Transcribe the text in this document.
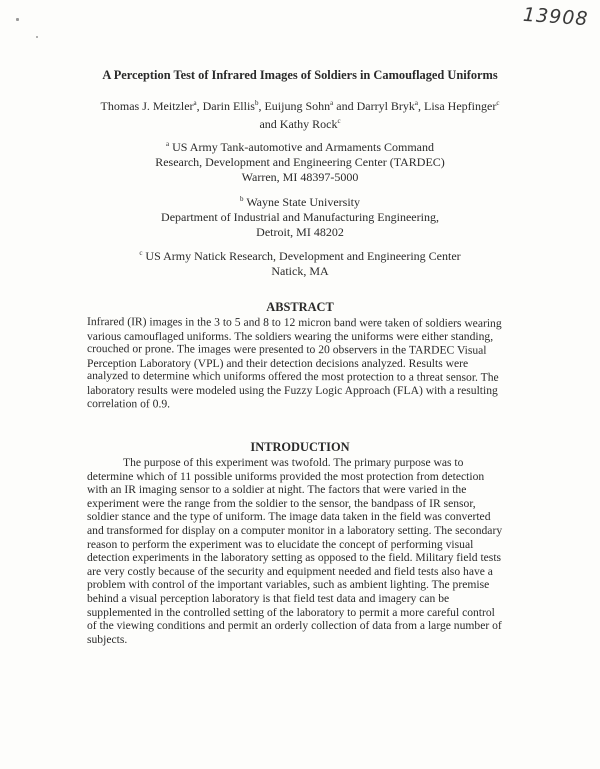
13908
A Perception Test of Infrared Images of Soldiers in Camouflaged Uniforms
Thomas J. Meitzler$^a$, Darin Ellis$^b$, Euijung Sohn$^a$ and Darryl Bryk$^a$, Lisa Hepfinger$^c$
and Kathy Rock$^c$
$^a$ US Army Tank-automotive and Armaments Command
Research, Development and Engineering Center (TARDEC)
Warren, MI 48397-5000
$^b$ Wayne State University
Department of Industrial and Manufacturing Engineering,
Detroit, MI 48202
$^c$ US Army Natick Research, Development and Engineering Center
Natick, MA
ABSTRACT
Infrared (IR) images in the 3 to 5 and 8 to 12 micron band were taken of soldiers wearing
various camouflaged uniforms. The soldiers wearing the uniforms were either standing,
crouched or prone. The images were presented to 20 observers in the TARDEC Visual
Perception Laboratory (VPL) and their detection decisions analyzed. Results were
analyzed to determine which uniforms offered the most protection to a threat sensor. The
laboratory results were modeled using the Fuzzy Logic Approach (FLA) with a resulting
correlation of 0.9.
INTRODUCTION
The purpose of this experiment was twofold. The primary purpose was to
determine which of 11 possible uniforms provided the most protection from detection
with an IR imaging sensor to a soldier at night. The factors that were varied in the
experiment were the range from the soldier to the sensor, the bandpass of IR sensor,
soldier stance and the type of uniform. The image data taken in the field was converted
and transformed for display on a computer monitor in a laboratory setting. The secondary
reason to perform the experiment was to elucidate the concept of performing visual
detection experiments in the laboratory setting as opposed to the field. Military field tests
are very costly because of the security and equipment needed and field tests also have a
problem with control of the important variables, such as ambient lighting. The premise
behind a visual perception laboratory is that field test data and imagery can be
supplemented in the controlled setting of the laboratory to permit a more careful control
of the viewing conditions and permit an orderly collection of data from a large number of
subjects.
